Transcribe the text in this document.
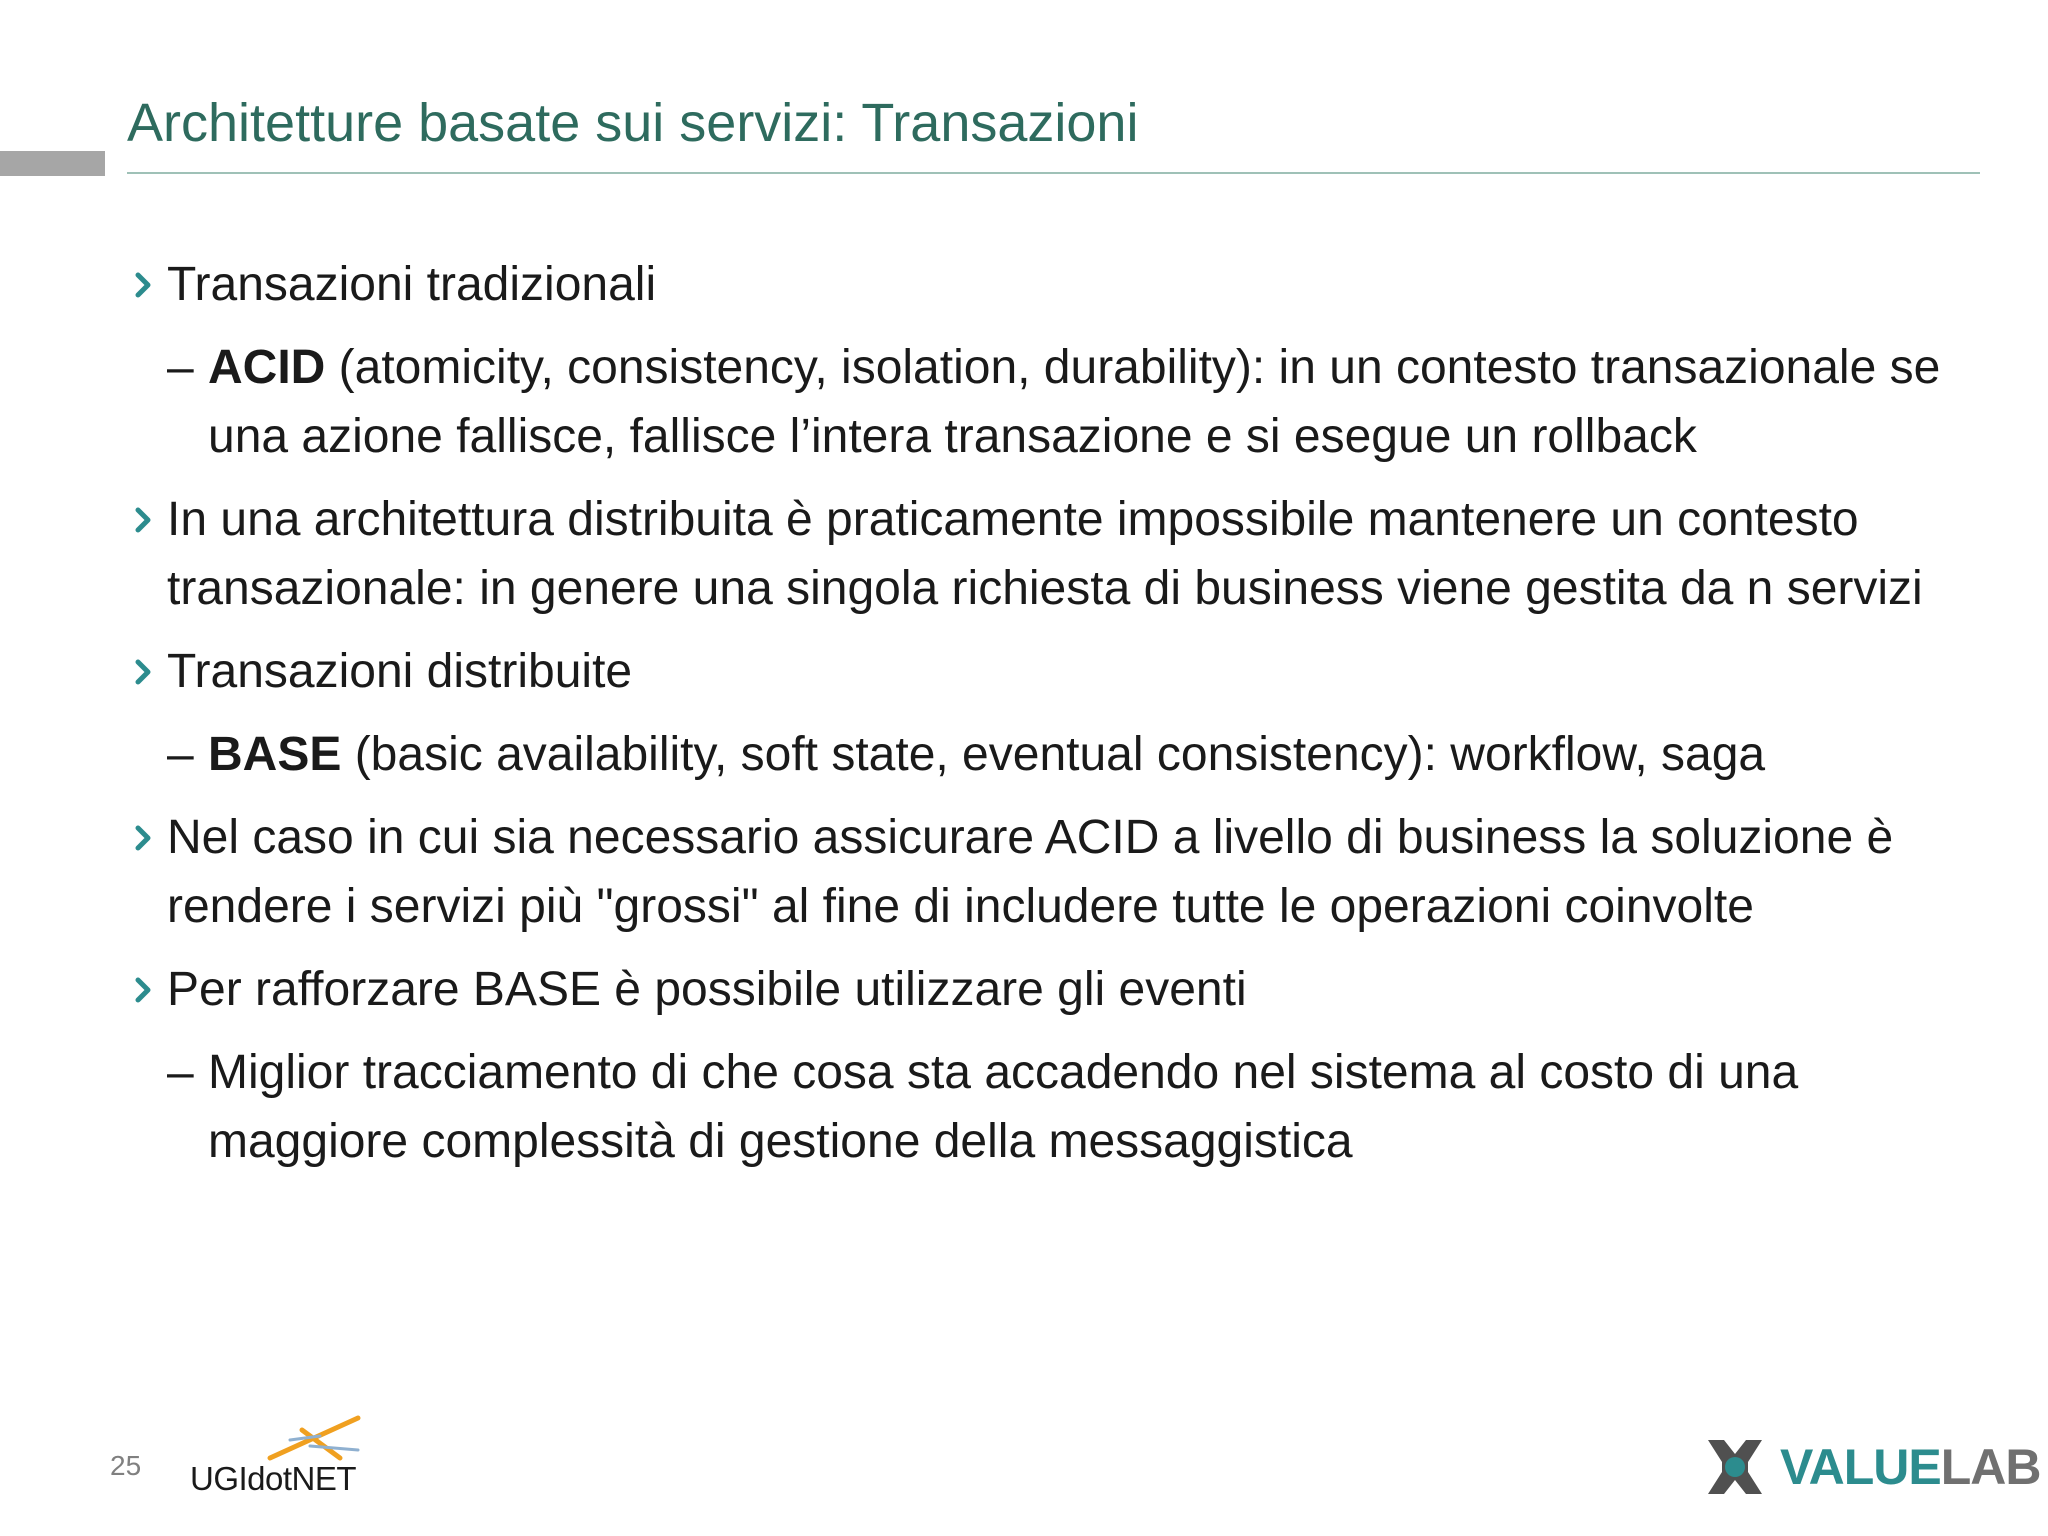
Architetture basate sui servizi: Transazioni
Transazioni tradizionali
– ACID (atomicity, consistency, isolation, durability): in un contesto transazionale se una azione fallisce, fallisce l’intera transazione e si esegue un rollback
In una architettura distribuita è praticamente impossibile mantenere un contesto transazionale: in genere una singola richiesta di business viene gestita da n servizi
Transazioni distribuite
– BASE (basic availability, soft state, eventual consistency): workflow, saga
Nel caso in cui sia necessario assicurare ACID a livello di business la soluzione è rendere i servizi più "grossi" al fine di includere tutte le operazioni coinvolte
Per rafforzare BASE è possibile utilizzare gli eventi
– Miglior tracciamento di che cosa sta accadendo nel sistema al costo di una maggiore complessità di gestione della messaggistica
25 UGIdotNET	VALUELAB
